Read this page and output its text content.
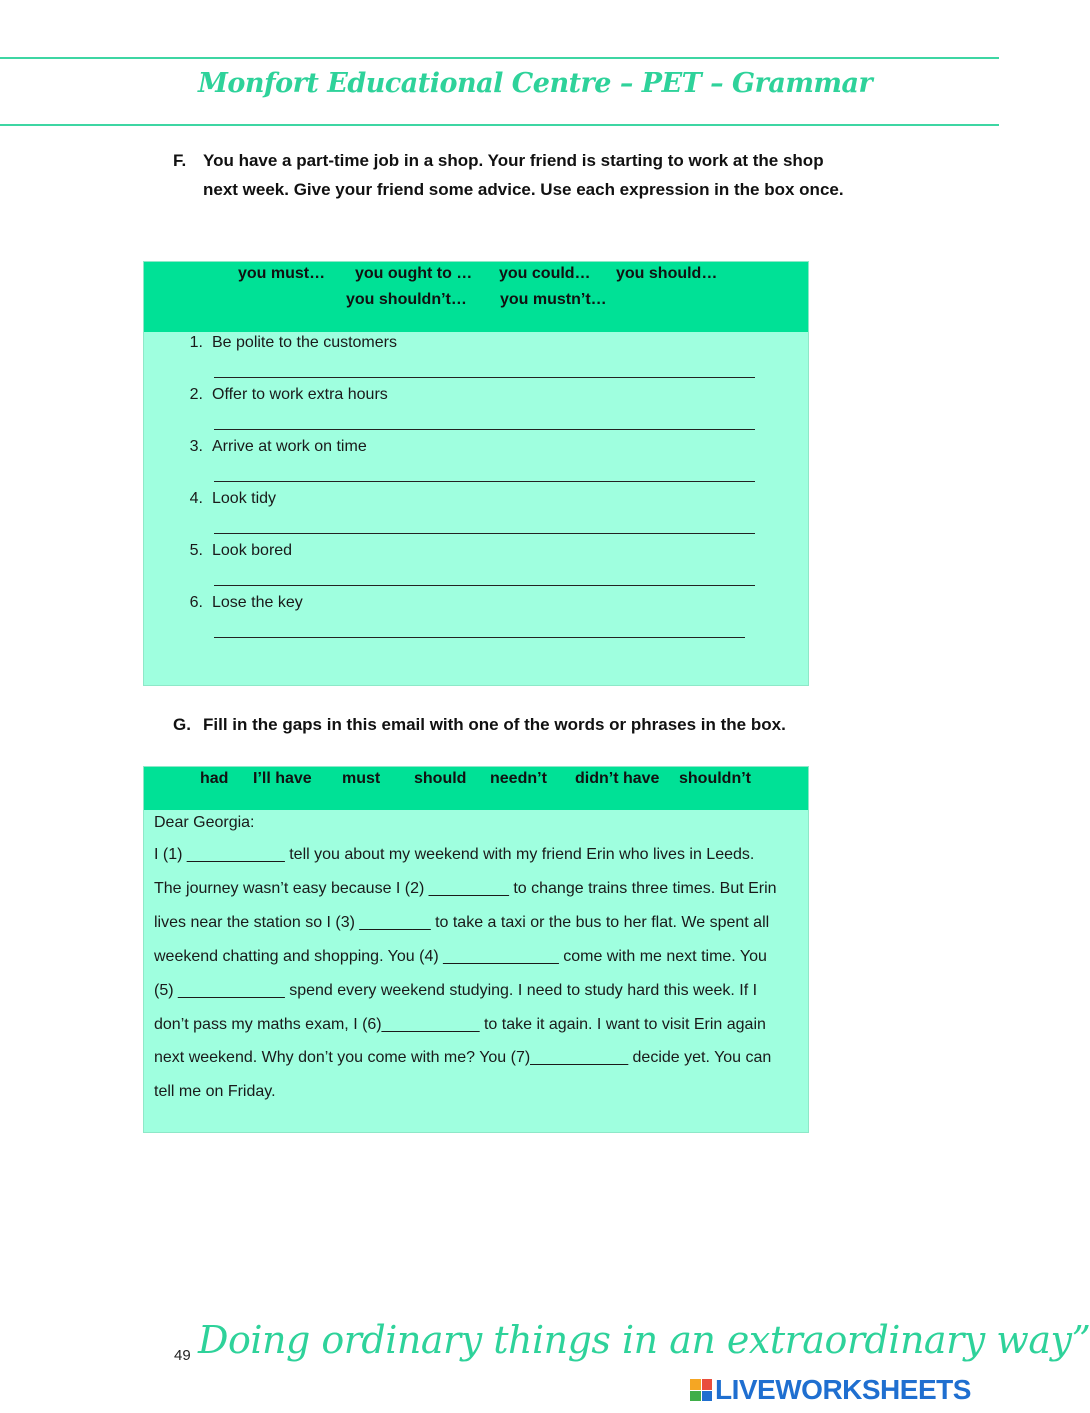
Monfort Educational Centre – PET – Grammar
F. You have a part-time job in a shop. Your friend is starting to work at the shop next week. Give your friend some advice. Use each expression in the box once.
you must… you ought to … you could… you should…
you shouldn’t… you mustn’t…
1. Be polite to the customers
2. Offer to work extra hours
3. Arrive at work on time
4. Look tidy
5. Look bored
6. Lose the key
G. Fill in the gaps in this email with one of the words or phrases in the box.
had I’ll have must should needn’t didn’t have shouldn’t

Dear Georgia:

I (1) ___________ tell you about my weekend with my friend Erin who lives in Leeds.

The journey wasn’t easy because I (2) _________ to change trains three times. But Erin

lives near the station so I (3) ________ to take a taxi or the bus to her flat. We spent all

weekend chatting and shopping. You (4) _____________ come with me next time. You

(5) ____________ spend every weekend studying. I need to study hard this week. If I

don’t pass my maths exam, I (6)___________ to take it again. I want to visit Erin again

next weekend. Why don’t you come with me? You (7)___________ decide yet. You can

tell me on Friday.

49 Doing ordinary things in an extraordinary way”
LIVEWORKSHEETS
